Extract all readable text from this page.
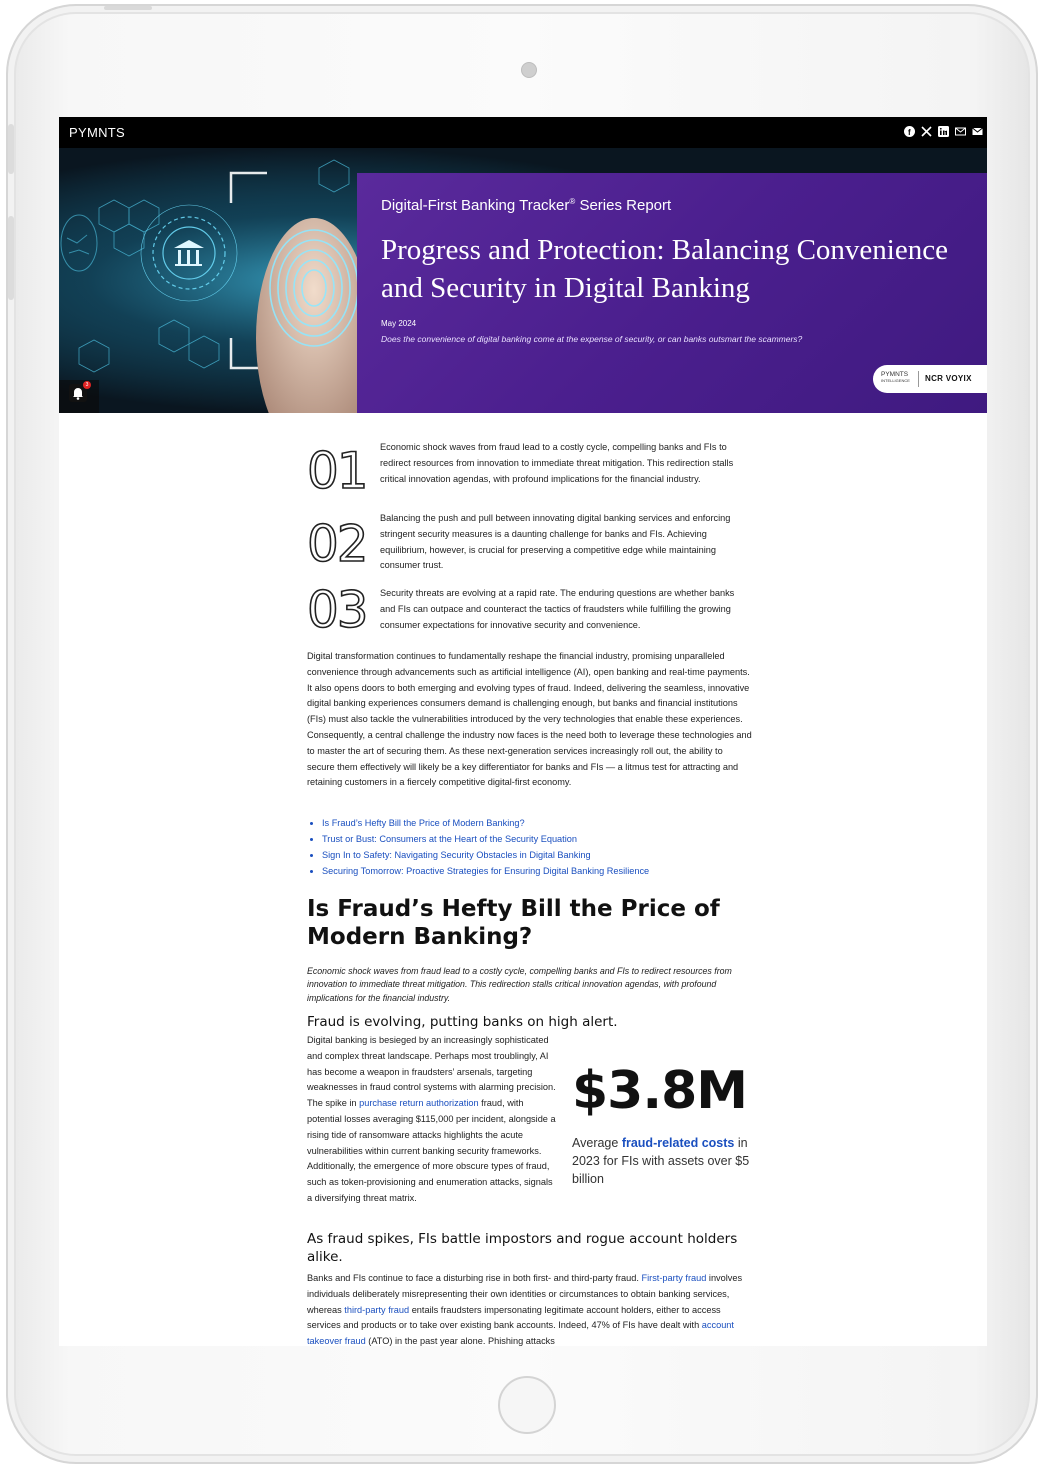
PYMNTS	f
Digital-First Banking Tracker® Series Report
Progress and Protection: Balancing Convenience and Security in Digital Banking
May 2024
Does the convenience of digital banking come at the expense of security, or can banks outsmart the scammers?
PYMNTS
INTELLIGENCE NCR VOYIX
3
01 Economic shock waves from fraud lead to a costly cycle, compelling banks and FIs to redirect resources from innovation to immediate threat mitigation. This redirection stalls critical innovation agendas, with profound implications for the financial industry.
02 Balancing the push and pull between innovating digital banking services and enforcing stringent security measures is a daunting challenge for banks and FIs. Achieving equilibrium, however, is crucial for preserving a competitive edge while maintaining consumer trust.
03 Security threats are evolving at a rapid rate. The enduring questions are whether banks and FIs can outpace and counteract the tactics of fraudsters while fulfilling the growing consumer expectations for innovative security and convenience.
Digital transformation continues to fundamentally reshape the financial industry, promising unparalleled convenience through advancements such as artificial intelligence (AI), open banking and real-time payments. It also opens doors to both emerging and evolving types of fraud. Indeed, delivering the seamless, innovative digital banking experiences consumers demand is challenging enough, but banks and financial institutions (FIs) must also tackle the vulnerabilities introduced by the very technologies that enable these experiences. Consequently, a central challenge the industry now faces is the need both to leverage these technologies and to master the art of securing them. As these next-generation services increasingly roll out, the ability to secure them effectively will likely be a key differentiator for banks and FIs — a litmus test for attracting and retaining customers in a fiercely competitive digital-first economy.
• Is Fraud’s Hefty Bill the Price of Modern Banking?
• Trust or Bust: Consumers at the Heart of the Security Equation
• Sign In to Safety: Navigating Security Obstacles in Digital Banking
• Securing Tomorrow: Proactive Strategies for Ensuring Digital Banking Resilience
Is Fraud’s Hefty Bill the Price of Modern Banking?
Economic shock waves from fraud lead to a costly cycle, compelling banks and FIs to redirect resources from innovation to immediate threat mitigation. This redirection stalls critical innovation agendas, with profound implications for the financial industry.
Fraud is evolving, putting banks on high alert.
Digital banking is besieged by an increasingly sophisticated and complex threat landscape. Perhaps most troublingly, AI has become a weapon in fraudsters’ arsenals, targeting weaknesses in fraud control systems with alarming precision. The spike in purchase return authorization fraud, with potential losses averaging $115,000 per incident, alongside a rising tide of ransomware attacks highlights the acute vulnerabilities within current banking security frameworks. Additionally, the emergence of more obscure types of fraud, such as token-provisioning and enumeration attacks, signals a diversifying threat matrix.
$3.8M
Average fraud-related costs in 2023 for FIs with assets over $5 billion
As fraud spikes, FIs battle impostors and rogue account holders alike.
Banks and FIs continue to face a disturbing rise in both first- and third-party fraud. First-party fraud involves individuals deliberately misrepresenting their own identities or circumstances to obtain banking services, whereas third-party fraud entails fraudsters impersonating legitimate account holders, either to access services and products or to take over existing bank accounts. Indeed, 47% of FIs have dealt with account takeover fraud (ATO) in the past year alone. Phishing attacks
